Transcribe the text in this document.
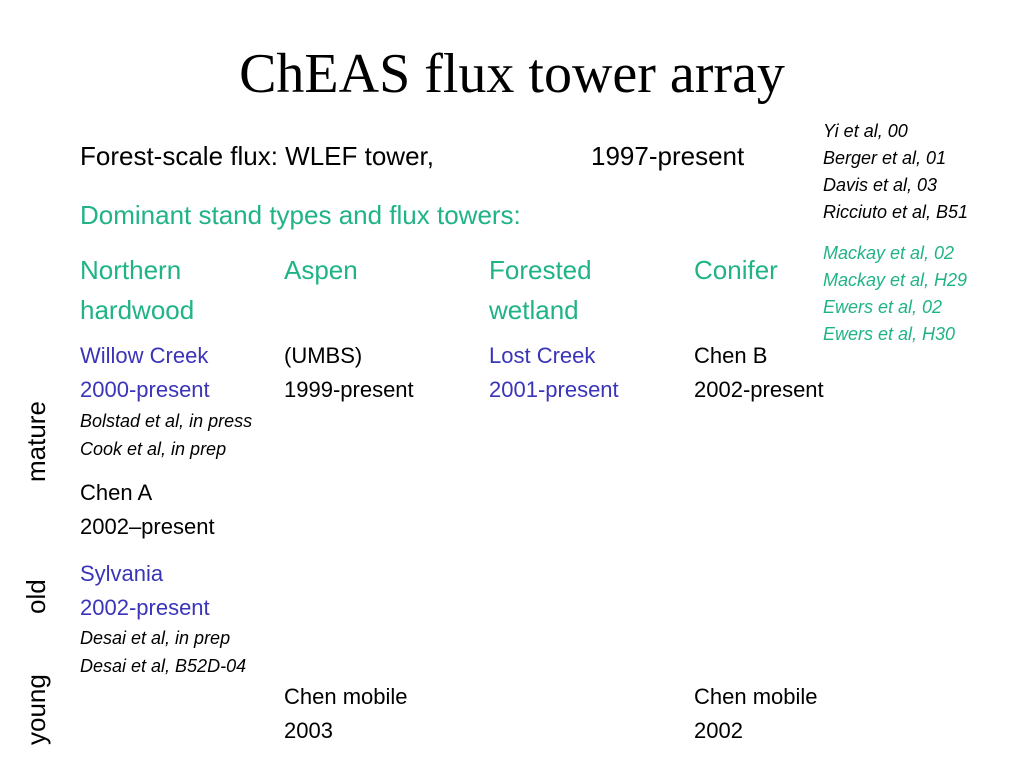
ChEAS flux tower array
Forest-scale flux: WLEF tower,	1997-present
Yi et al, 00
Berger et al, 01
Davis et al, 03
Ricciuto et al, B51
Mackay et al, 02
Mackay et al, H29
Ewers et al, 02
Ewers et al, H30
Dominant stand types and flux towers:
Northern
hardwood
Aspen	Forested
wetland
Conifer
Willow Creek
2000-present
Bolstad et al, in press
Cook et al, in prep
(UMBS)
1999-present
Lost Creek
2001-present
Chen B
2002-present
Chen A
2002–present
Sylvania
2002-present
Desai et al, in prep
Desai et al, B52D-04
Chen mobile
2003
Chen mobile
2002
mature
old
young
